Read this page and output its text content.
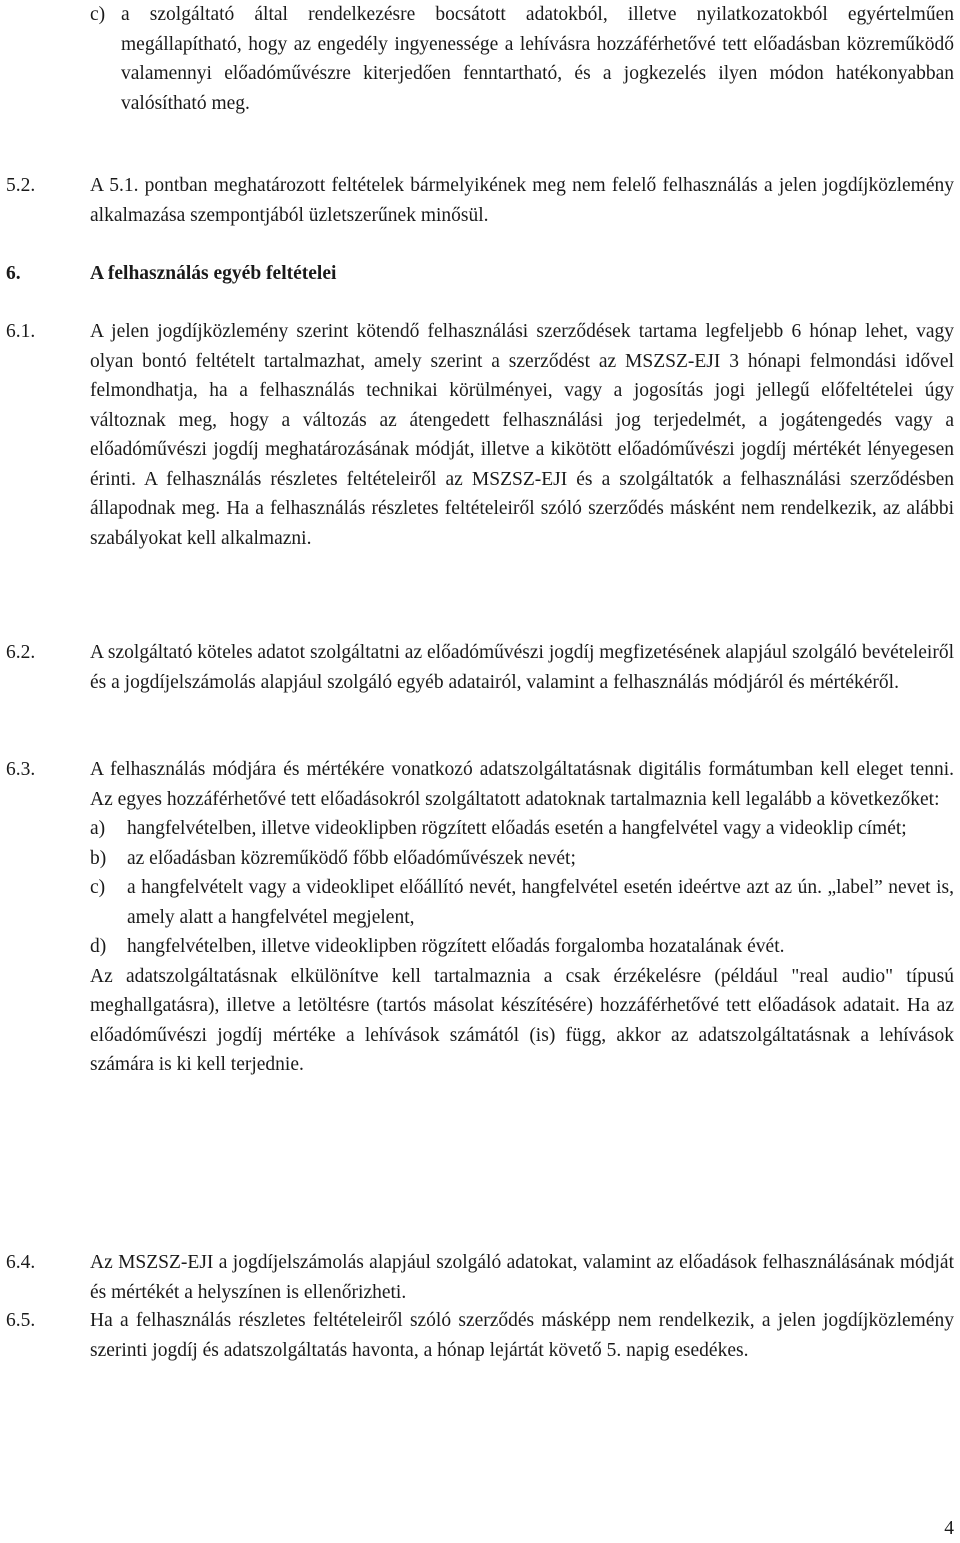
c) a szolgáltató által rendelkezésre bocsátott adatokból, illetve nyilatkozatokból egyértelműen megállapítható, hogy az engedély ingyenessége a lehívásra hozzáférhetővé tett előadásban közreműködő valamennyi előadóművészre kiterjedően fenntartható, és a jogkezelés ilyen módon hatékonyabban valósítható meg.
5.2.	A 5.1. pontban meghatározott feltételek bármelyikének meg nem felelő felhasználás a jelen jogdíjközlemény alkalmazása szempontjából üzletszerűnek minősül.
6.	A felhasználás egyéb feltételei
6.1.	A jelen jogdíjközlemény szerint kötendő felhasználási szerződések tartama legfeljebb 6 hónap lehet, vagy olyan bontó feltételt tartalmazhat, amely szerint a szerződést az MSZSZ-EJI 3 hónapi felmondási idővel felmondhatja, ha a felhasználás technikai körülményei, vagy a jogosítás jogi jellegű előfeltételei úgy változnak meg, hogy a változás az átengedett felhasználási jog terjedelmét, a jogátengedés vagy a előadóművészi jogdíj meghatározásának módját, illetve a kikötött előadóművészi jogdíj mértékét lényegesen érinti. A felhasználás részletes feltételeiről az MSZSZ-EJI és a szolgáltatók a felhasználási szerződésben állapodnak meg. Ha a felhasználás részletes feltételeiről szóló szerződés másként nem rendelkezik, az alábbi szabályokat kell alkalmazni.
6.2.	A szolgáltató köteles adatot szolgáltatni az előadóművészi jogdíj megfizetésének alapjául szolgáló bevételeiről és a jogdíjelszámolás alapjául szolgáló egyéb adatairól, valamint a felhasználás módjáról és mértékéről.
6.3.	A felhasználás módjára és mértékére vonatkozó adatszolgáltatásnak digitális formátumban kell eleget tenni. Az egyes hozzáférhetővé tett előadásokról szolgáltatott adatoknak tartalmaznia kell legalább a következőket:

a) hangfelvételben, illetve videoklipben rögzített előadás esetén a hangfelvétel vagy a videoklip címét;
b) az előadásban közreműködő főbb előadóművészek nevét;
c) a hangfelvételt vagy a videoklipet előállító nevét, hangfelvétel esetén ideértve azt az ún. „label” nevet is, amely alatt a hangfelvétel megjelent,
d) hangfelvételben, illetve videoklipben rögzített előadás forgalomba hozatalának évét.

Az adatszolgáltatásnak elkülönítve kell tartalmaznia a csak érzékelésre (például "real audio" típusú meghallgatásra), illetve a letöltésre (tartós másolat készítésére) hozzáférhetővé tett előadások adatait. Ha az előadóművészi jogdíj mértéke a lehívások számától (is) függ, akkor az adatszolgáltatásnak a lehívások számára is ki kell terjednie.

6.4.	Az MSZSZ-EJI a jogdíjelszámolás alapjául szolgáló adatokat, valamint az előadások felhasználásának módját és mértékét a helyszínen is ellenőrizheti.
6.5.	Ha a felhasználás részletes feltételeiről szóló szerződés másképp nem rendelkezik, a jelen jogdíjközlemény szerinti jogdíj és adatszolgáltatás havonta, a hónap lejártát követő 5. napig esedékes.
4
